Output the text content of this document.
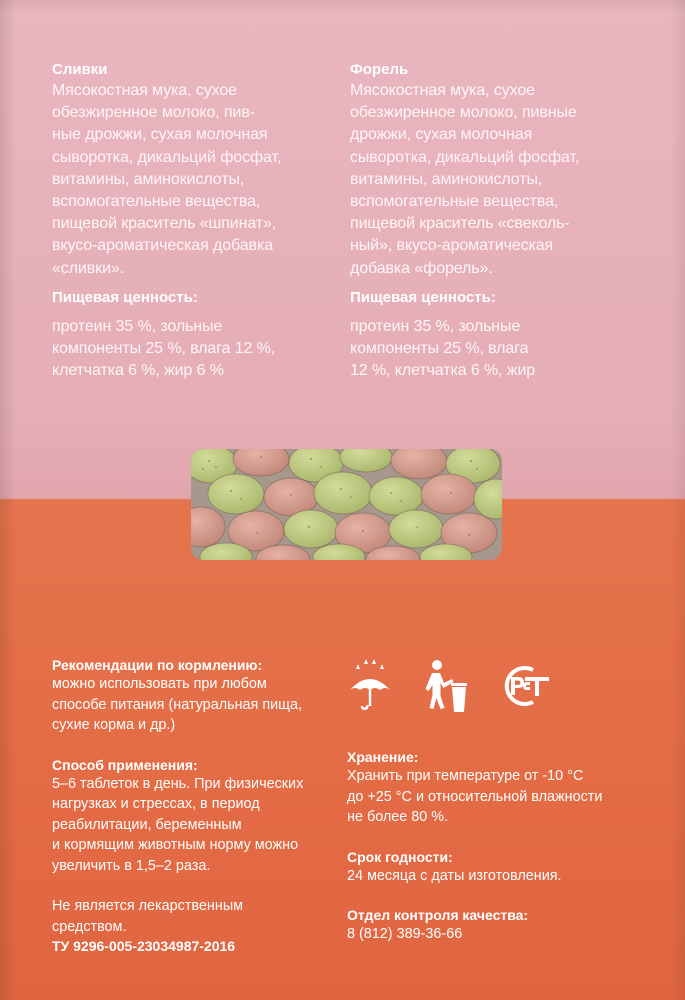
Сливки
Мясокостная мука, сухое
обезжиренное молоко, пив-
ные дрожжи, сухая молочная
сыворотка, дикальций фосфат,
витамины, аминокислоты,
вспомогательные вещества,
пищевой краситель «шпинат»,
вкусо-ароматическая добавка
«сливки».
Пищевая ценность:
протеин 35 %, зольные
компоненты 25 %, влага 12 %,
клетчатка 6 %, жир 6 %
Форель
Мясокостная мука, сухое
обезжиренное молоко, пивные
дрожжи, сухая молочная
сыворотка, дикальций фосфат,
витамины, аминокислоты,
вспомогательные вещества,
пищевой краситель «свеколь-
ный», вкусо-ароматическая
добавка «форель».
Пищевая ценность:
протеин 35 %, зольные
компоненты 25 %, влага
12 %, клетчатка 6 %, жир
Рекомендации по кормлению:
можно использовать при любом
способе питания (натуральная пища,
сухие корма и др.)
Способ применения:
5–6 таблеток в день. При физических
нагрузках и стрессах, в период
реабилитации, беременным
и кормящим животным норму можно
увеличить в 1,5–2 раза.
Не является лекарственным
средством.
ТУ 9296-005-23034987-2016
Хранение:
Хранить при температуре от -10 °С
до +25 °С и относительной влажности
не более 80 %.
Срок годности:
24 месяца с даты изготовления.
Отдел контроля качества:
8 (812) 389-36-66
